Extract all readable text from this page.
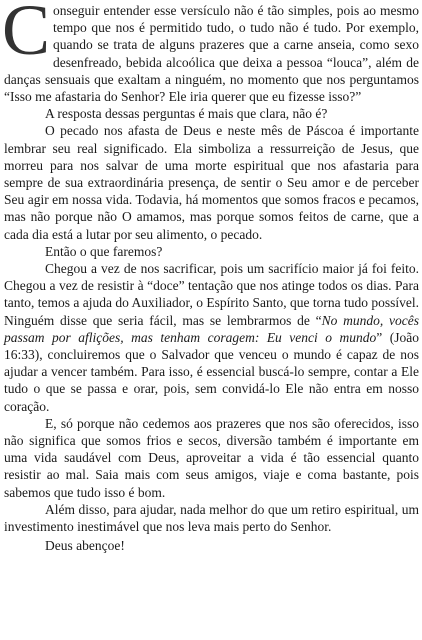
Conseguir entender esse versículo não é tão simples, pois ao mesmo tempo que nos é permitido tudo, o tudo não é tudo. Por exemplo, quando se trata de alguns prazeres que a carne anseia, como sexo desenfreado, bebida alcoólica que deixa a pessoa “louca”, além de danças sensuais que exaltam a ninguém, no momento que nos perguntamos “Isso me afastaria do Senhor? Ele iria querer que eu fizesse isso?”

A resposta dessas perguntas é mais que clara, não é?

O pecado nos afasta de Deus e neste mês de Páscoa é importante lembrar seu real significado. Ela simboliza a ressurreição de Jesus, que morreu para nos salvar de uma morte espiritual que nos afastaria para sempre de sua extraordinária presença, de sentir o Seu amor e de perceber Seu agir em nossa vida. Todavia, há momentos que somos fracos e pecamos, mas não porque não O amamos, mas porque somos feitos de carne, que a cada dia está a lutar por seu alimento, o pecado.

Então o que faremos?

Chegou a vez de nos sacrificar, pois um sacrifício maior já foi feito. Chegou a vez de resistir à “doce” tentação que nos atinge todos os dias. Para tanto, temos a ajuda do Auxiliador, o Espírito Santo, que torna tudo possível. Ninguém disse que seria fácil, mas se lembrarmos de “No mundo, vocês passam por aflições, mas tenham coragem: Eu venci o mundo” (João 16:33), concluiremos que o Salvador que venceu o mundo é capaz de nos ajudar a vencer também. Para isso, é essencial buscá-lo sempre, contar a Ele tudo o que se passa e orar, pois, sem convidá-lo Ele não entra em nosso coração.

E, só porque não cedemos aos prazeres que nos são oferecidos, isso não significa que somos frios e secos, diversão também é importante em uma vida saudável com Deus, aproveitar a vida é tão essencial quanto resistir ao mal. Saia mais com seus amigos, viaje e coma bastante, pois sabemos que tudo isso é bom.

Além disso, para ajudar, nada melhor do que um retiro espiritual, um investimento inestimável que nos leva mais perto do Senhor.

Deus abençoe!
